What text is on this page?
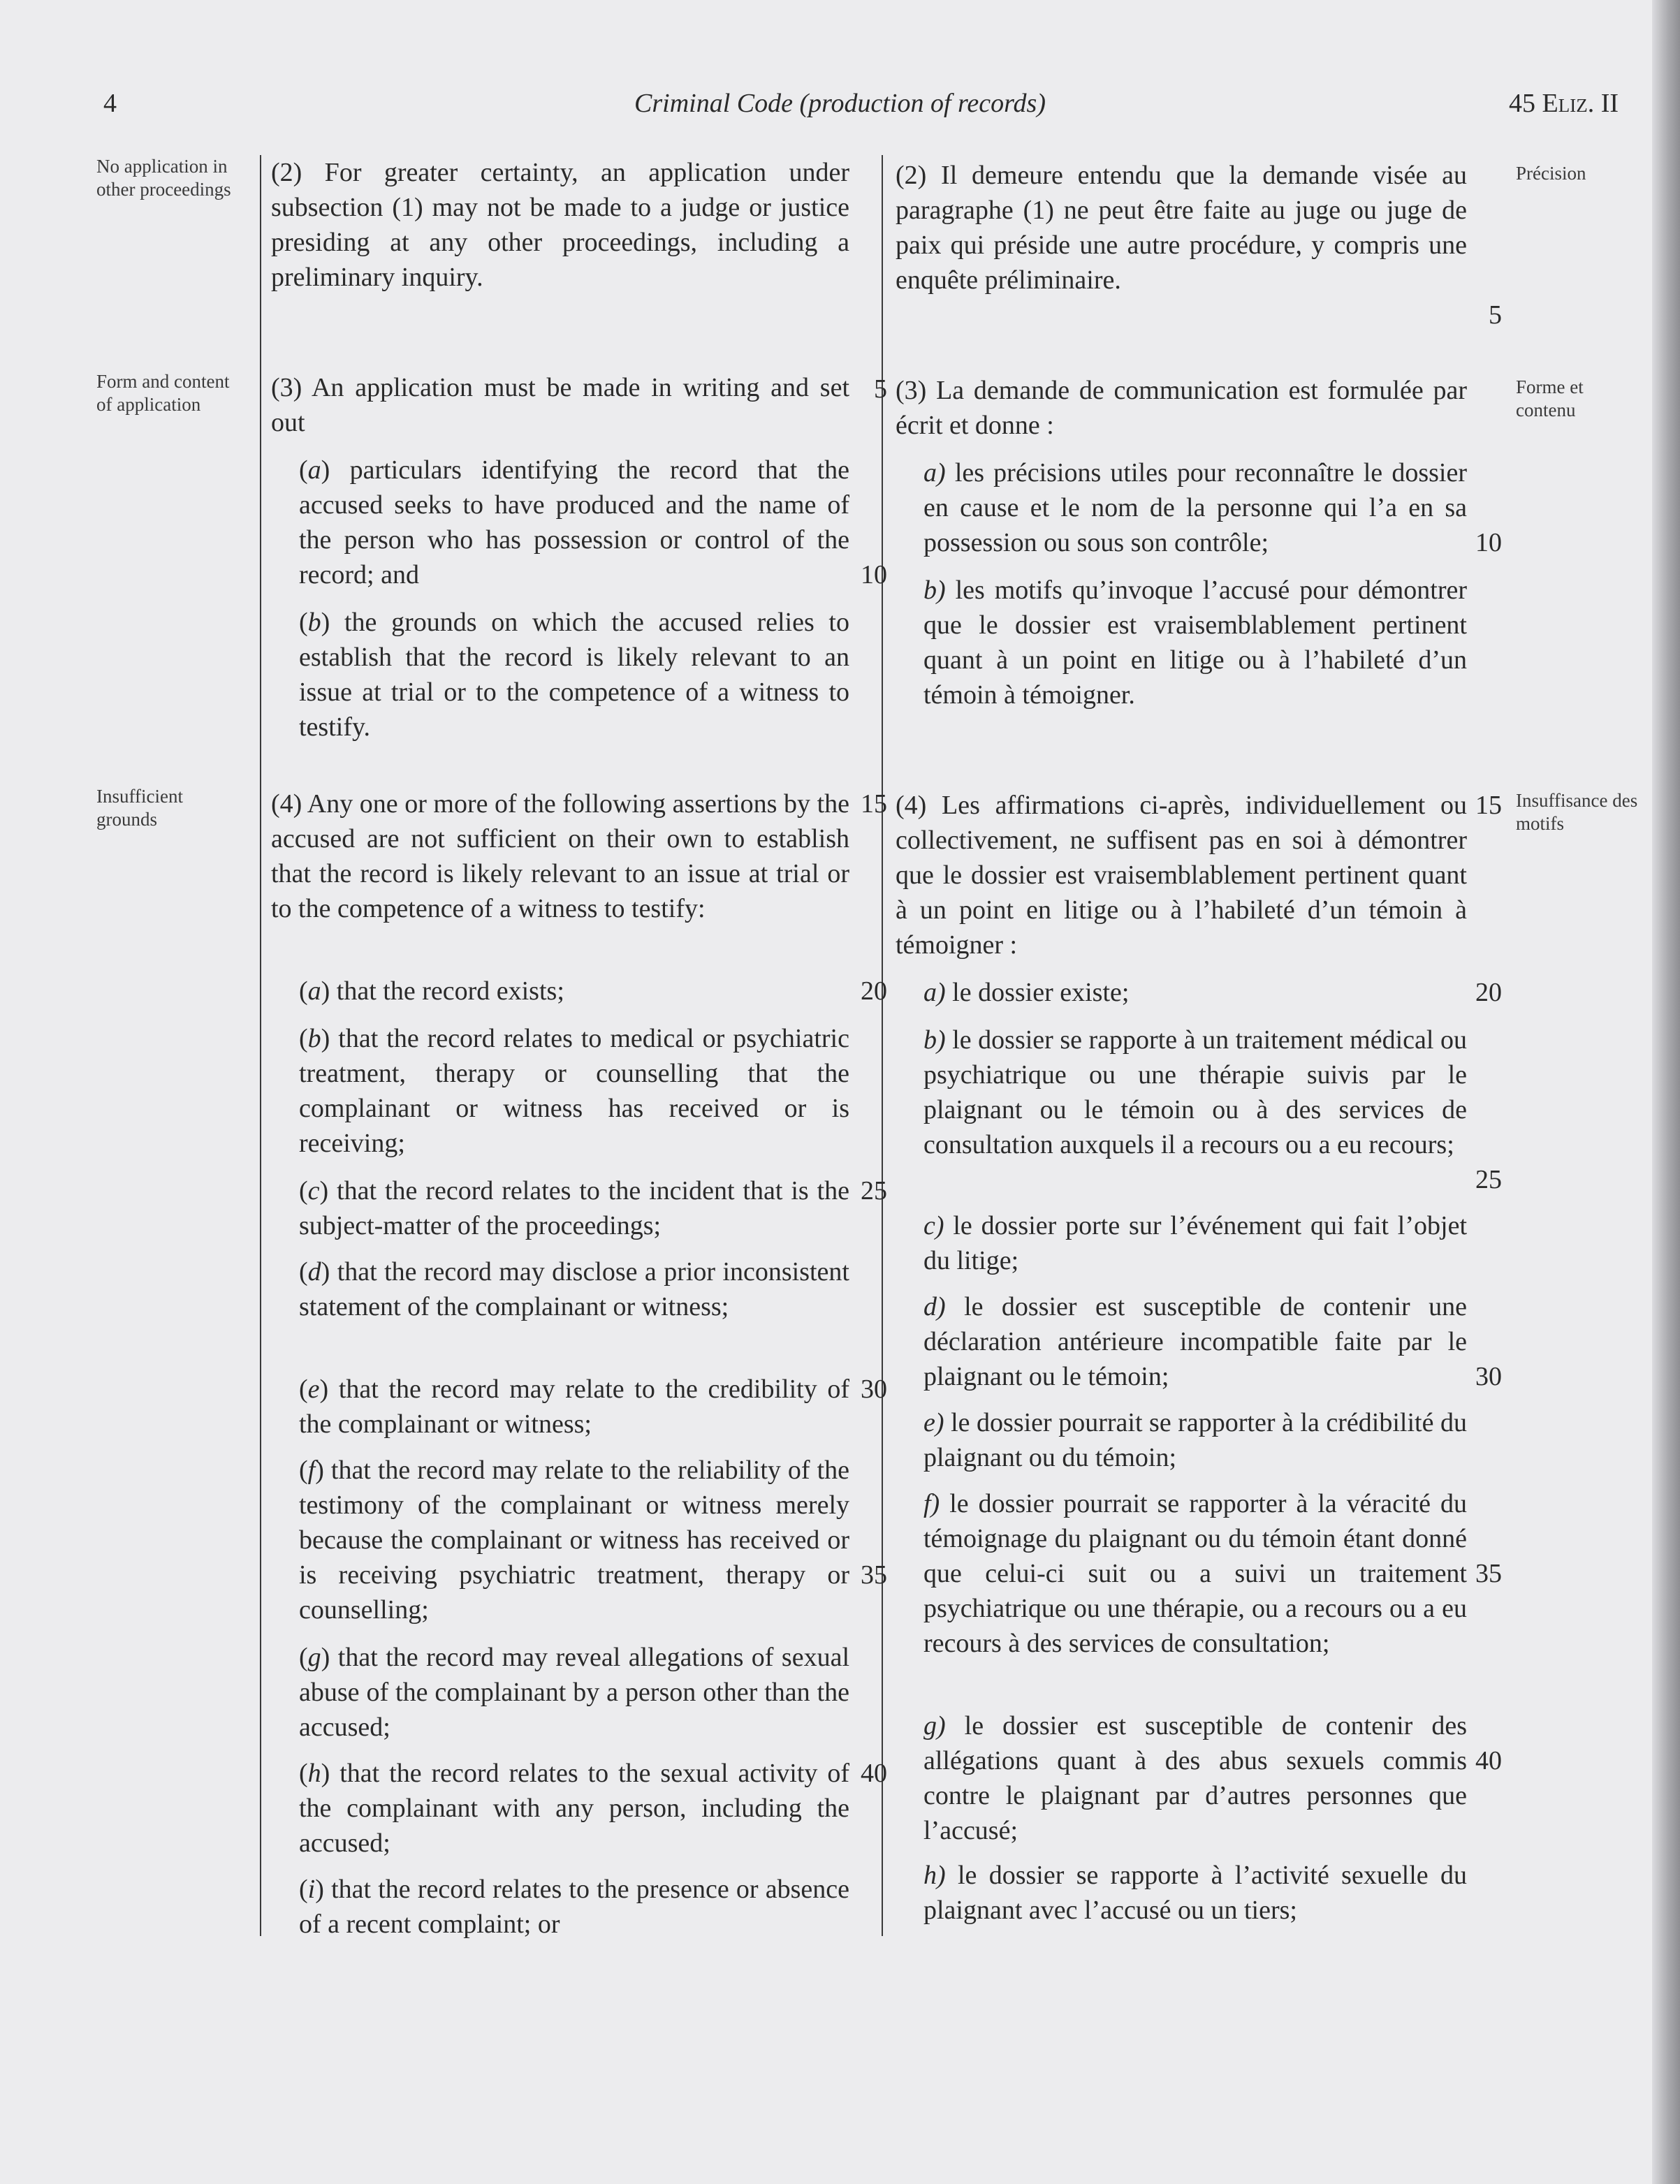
4	Criminal Code (production of records)	45 Eliz. II
No application in other proceedings
Form and content of application
Insufficient grounds
Précision
Forme et contenu
Insuffisance des motifs

(2) For greater certainty, an application under subsection (1) may not be made to a judge or justice presiding at any other proceedings, including a preliminary inquiry.

(3) An application must be made in writing and set out

(a) particulars identifying the record that the accused seeks to have produced and the name of the person who has possession or control of the record; and

(b) the grounds on which the accused relies to establish that the record is likely relevant to an issue at trial or to the competence of a witness to testify.

(4) Any one or more of the following assertions by the accused are not sufficient on their own to establish that the record is likely relevant to an issue at trial or to the competence of a witness to testify:

(a) that the record exists;

(b) that the record relates to medical or psychiatric treatment, therapy or counselling that the complainant or witness has received or is receiving;

(c) that the record relates to the incident that is the subject-matter of the proceedings;

(d) that the record may disclose a prior inconsistent statement of the complainant or witness;

(e) that the record may relate to the credibility of the complainant or witness;

(f) that the record may relate to the reliability of the testimony of the complainant or witness merely because the complainant or witness has received or is receiving psychiatric treatment, therapy or counselling;

(g) that the record may reveal allegations of sexual abuse of the complainant by a person other than the accused;

(h) that the record relates to the sexual activity of the complainant with any person, including the accused;

(i) that the record relates to the presence or absence of a recent complaint; or

(2) Il demeure entendu que la demande visée au paragraphe (1) ne peut être faite au juge ou juge de paix qui préside une autre procédure, y compris une enquête préliminaire.

(3) La demande de communication est formulée par écrit et donne :

a) les précisions utiles pour reconnaître le dossier en cause et le nom de la personne qui l’a en sa possession ou sous son contrôle;

b) les motifs qu’invoque l’accusé pour démontrer que le dossier est vraisemblablement pertinent quant à un point en litige ou à l’habileté d’un témoin à témoigner.

(4) Les affirmations ci-après, individuellement ou collectivement, ne suffisent pas en soi à démontrer que le dossier est vraisemblablement pertinent quant à un point en litige ou à l’habileté d’un témoin à témoigner :

a) le dossier existe;

b) le dossier se rapporte à un traitement médical ou psychiatrique ou une thérapie suivis par le plaignant ou le témoin ou à des services de consultation auxquels il a recours ou a eu recours;

c) le dossier porte sur l’événement qui fait l’objet du litige;

d) le dossier est susceptible de contenir une déclaration antérieure incompatible faite par le plaignant ou le témoin;

e) le dossier pourrait se rapporter à la crédibilité du plaignant ou du témoin;

f) le dossier pourrait se rapporter à la véracité du témoignage du plaignant ou du témoin étant donné que celui-ci suit ou a suivi un traitement psychiatrique ou une thérapie, ou a recours ou a eu recours à des services de consultation;

g) le dossier est susceptible de contenir des allégations quant à des abus sexuels commis contre le plaignant par d’autres personnes que l’accusé;

h) le dossier se rapporte à l’activité sexuelle du plaignant avec l’accusé ou un tiers;

5
10
15
20
25
30
35
40
5
10
15
20
25
30
35
40
